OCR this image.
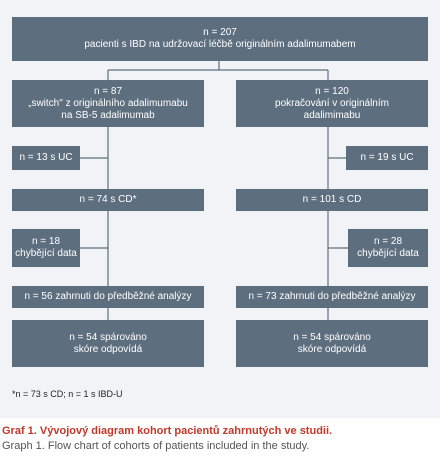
n = 207
pacienti s IBD na udržovací léčbě originálním adalimumabem
n = 87
„switch" z originálního adalimumabu
na SB-5 adalimumab
n = 13 s UC
n = 74 s CD*
n = 18
chybějící data
n = 56 zahrnuti do předběžné analýzy
n = 54 spárováno
skóre odpovídá
n = 120
pokračování v originálním
adalimimabu
n = 19 s UC
n = 101 s CD
n = 28
chybějící data
n = 73 zahrnuti do předběžné analýzy
n = 54 spárováno
skóre odpovídá
*n = 73 s CD; n = 1 s IBD-U
Graf 1. Vývojový diagram kohort pacientů zahrnutých ve studii.
Graph 1. Flow chart of cohorts of patients included in the study.
